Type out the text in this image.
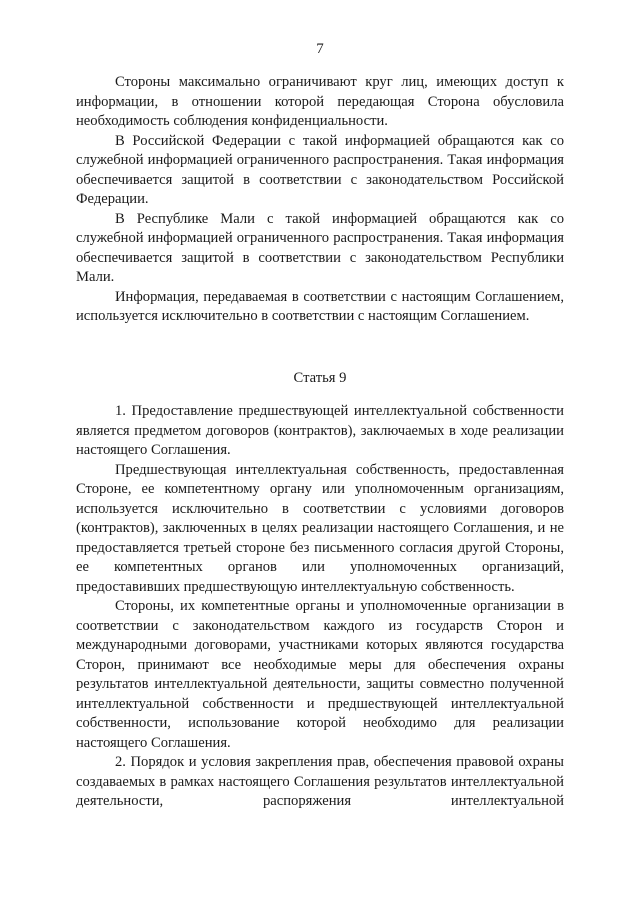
7

Стороны максимально ограничивают круг лиц, имеющих доступ к информации, в отношении которой передающая Сторона обусловила необходимость соблюдения конфиденциальности.

В Российской Федерации с такой информацией обращаются как со служебной информацией ограниченного распространения. Такая информация обеспечивается защитой в соответствии с законодательством Российской Федерации.

В Республике Мали с такой информацией обращаются как со служебной информацией ограниченного распространения. Такая информация обеспечивается защитой в соответствии с законодательством Республики Мали.

Информация, передаваемая в соответствии с настоящим Соглашением, используется исключительно в соответствии с настоящим Соглашением.

Статья 9

1. Предоставление предшествующей интеллектуальной собственности является предметом договоров (контрактов), заключаемых в ходе реализации настоящего Соглашения.

Предшествующая интеллектуальная собственность, предоставленная Стороне, ее компетентному органу или уполномоченным организациям, используется исключительно в соответствии с условиями договоров (контрактов), заключенных в целях реализации настоящего Соглашения, и не предоставляется третьей стороне без письменного согласия другой Стороны, ее компетентных органов или уполномоченных организаций, предоставивших предшествующую интеллектуальную собственность.

Стороны, их компетентные органы и уполномоченные организации в соответствии с законодательством каждого из государств Сторон и международными договорами, участниками которых являются государства Сторон, принимают все необходимые меры для обеспечения охраны результатов интеллектуальной деятельности, защиты совместно полученной интеллектуальной собственности и предшествующей интеллектуальной собственности, использование которой необходимо для реализации настоящего Соглашения.

2. Порядок и условия закрепления прав, обеспечения правовой охраны создаваемых в рамках настоящего Соглашения результатов интеллектуальной деятельности, распоряжения интеллектуальной
